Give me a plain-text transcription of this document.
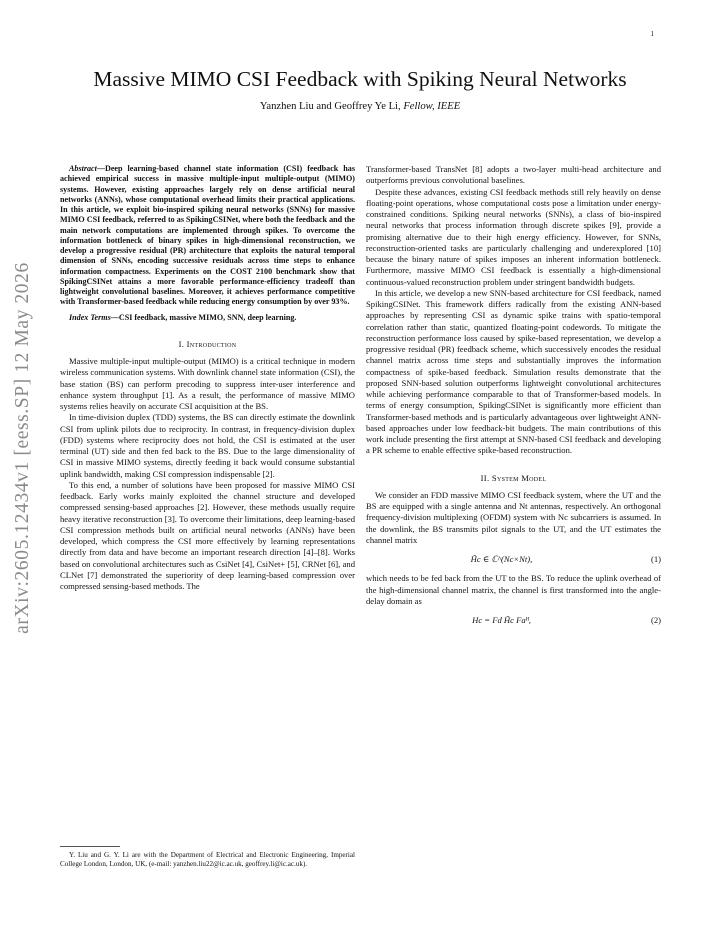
1
arXiv:2605.12434v1 [eess.SP] 12 May 2026
Massive MIMO CSI Feedback with Spiking Neural Networks
Yanzhen Liu and Geoffrey Ye Li, Fellow, IEEE

Abstract—Deep learning-based channel state information (CSI) feedback has achieved empirical success in massive multiple-input multiple-output (MIMO) systems. However, existing approaches largely rely on dense artificial neural networks (ANNs), whose computational overhead limits their practical applications. In this article, we exploit bio-inspired spiking neural networks (SNNs) for massive MIMO CSI feedback, referred to as SpikingCSINet, where both the feedback and the main network computations are implemented through spikes. To overcome the information bottleneck of binary spikes in high-dimensional reconstruction, we develop a progressive residual (PR) architecture that exploits the natural temporal dimension of SNNs, encoding successive residuals across time steps to enhance information compactness. Experiments on the COST 2100 benchmark show that SpikingCSINet attains a more favorable performance-efficiency tradeoff than lightweight convolutional baselines. Moreover, it achieves performance competitive with Transformer-based feedback while reducing energy consumption by over 93%.

Index Terms—CSI feedback, massive MIMO, SNN, deep learning.

I. Introduction

Massive multiple-input multiple-output (MIMO) is a critical technique in modern wireless communication systems. With downlink channel state information (CSI), the base station (BS) can perform precoding to suppress inter-user interference and enhance system throughput [1]. As a result, the performance of massive MIMO systems relies heavily on accurate CSI acquisition at the BS.

In time-division duplex (TDD) systems, the BS can directly estimate the downlink CSI from uplink pilots due to reciprocity. In contrast, in frequency-division duplex (FDD) systems where reciprocity does not hold, the CSI is estimated at the user terminal (UT) side and then fed back to the BS. Due to the large dimensionality of CSI in massive MIMO systems, directly feeding it back would consume substantial uplink bandwidth, making CSI compression indispensable [2].

To this end, a number of solutions have been proposed for massive MIMO CSI feedback. Early works mainly exploited the channel structure and developed compressed sensing-based approaches [2]. However, these methods usually require heavy iterative reconstruction [3]. To overcome their limitations, deep learning-based CSI compression methods built on artificial neural networks (ANNs) have been developed, which compress the CSI more effectively by learning representations directly from data and have become an important research direction [4]–[8]. Works based on convolutional architectures such as CsiNet [4], CsiNet+ [5], CRNet [6], and CLNet [7] demonstrated the superiority of deep learning-based compression over compressed sensing-based methods. The

Transformer-based TransNet [8] adopts a two-layer multi-head architecture and outperforms previous convolutional baselines.

Despite these advances, existing CSI feedback methods still rely heavily on dense floating-point operations, whose computational costs pose a limitation under energy-constrained conditions. Spiking neural networks (SNNs), a class of bio-inspired neural networks that process information through discrete spikes [9], provide a promising alternative due to their high energy efficiency. However, for SNNs, reconstruction-oriented tasks are particularly challenging and underexplored [10] because the binary nature of spikes imposes an inherent information bottleneck. Furthermore, massive MIMO CSI feedback is essentially a high-dimensional continuous-valued reconstruction problem under stringent bandwidth budgets.

In this article, we develop a new SNN-based architecture for CSI feedback, named SpikingCSINet. This framework differs radically from the existing ANN-based approaches by representing CSI as dynamic spike trains with spatio-temporal correlation rather than static, quantized floating-point codewords. To mitigate the reconstruction performance loss caused by spike-based representation, we develop a progressive residual (PR) feedback scheme, which successively encodes the residual channel matrix across time steps and substantially improves the information compactness of spike-based feedback. Simulation results demonstrate that the proposed SNN-based solution outperforms lightweight convolutional architectures while achieving performance comparable to that of Transformer-based models. In terms of energy consumption, SpikingCSINet is significantly more efficient than Transformer-based methods and is particularly advantageous over lightweight ANN-based approaches under low feedback-bit budgets. The main contributions of this work include presenting the first attempt at SNN-based CSI feedback and developing a PR scheme to enable effective spike-based reconstruction.

II. System Model

We consider an FDD massive MIMO CSI feedback system, where the UT and the BS are equipped with a single antenna and Nt antennas, respectively. An orthogonal frequency-division multiplexing (OFDM) system with Nc subcarriers is assumed. In the downlink, the BS transmits pilot signals to the UT, and the UT estimates the channel matrix

H̃c ∈ ℂ^(Nc×Nt),	(1)

which needs to be fed back from the UT to the BS. To reduce the uplink overhead of the high-dimensional channel matrix, the channel is first transformed into the angle-delay domain as

Hc = Fd H̃c Faᴴ,	(2)

Y. Liu and G. Y. Li are with the Department of Electrical and Electronic Engineering, Imperial College London, London, UK, (e-mail: yanzhen.liu22@ic.ac.uk, geoffrey.li@ic.ac.uk).
